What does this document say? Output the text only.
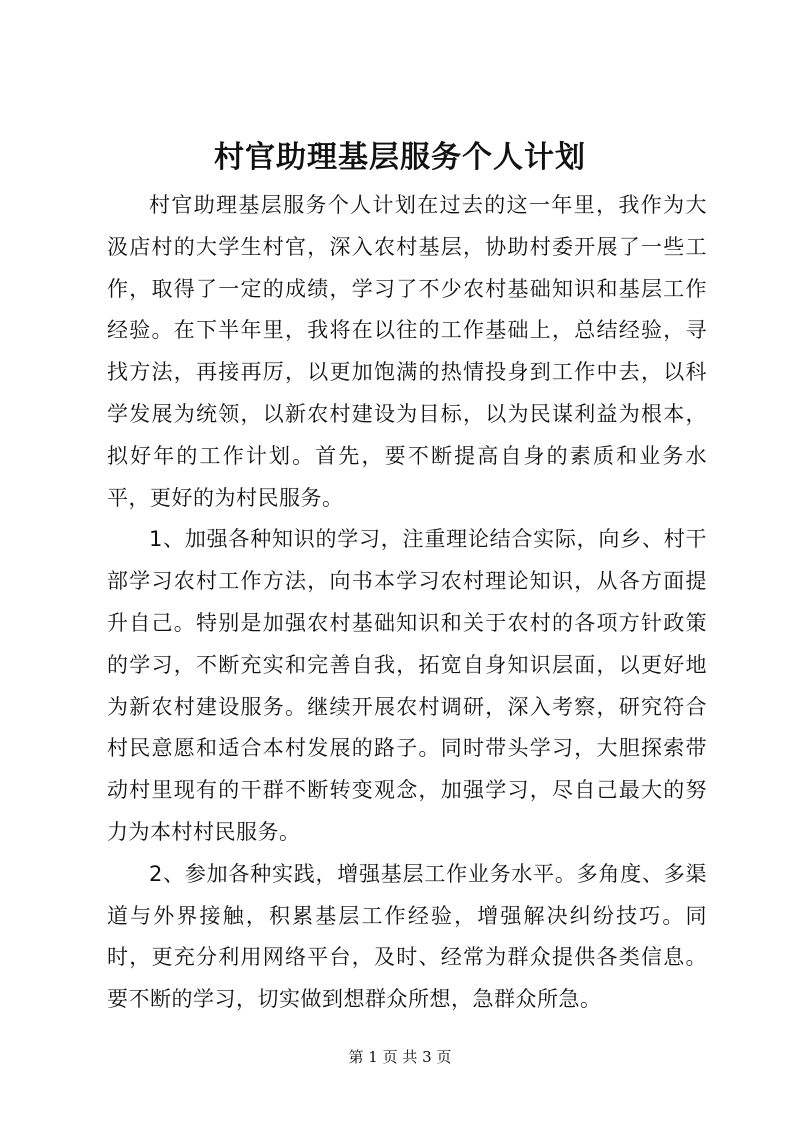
村官助理基层服务个人计划

村官助理基层服务个人计划在过去的这一年里，我作为大汲店村的大学生村官，深入农村基层，协助村委开展了一些工作，取得了一定的成绩，学习了不少农村基础知识和基层工作经验。在下半年里，我将在以往的工作基础上，总结经验，寻找方法，再接再厉，以更加饱满的热情投身到工作中去，以科学发展为统领，以新农村建设为目标，以为民谋利益为根本，拟好年的工作计划。首先，要不断提高自身的素质和业务水平，更好的为村民服务。

1、加强各种知识的学习，注重理论结合实际，向乡、村干部学习农村工作方法，向书本学习农村理论知识，从各方面提升自己。特别是加强农村基础知识和关于农村的各项方针政策的学习，不断充实和完善自我，拓宽自身知识层面，以更好地为新农村建设服务。继续开展农村调研，深入考察，研究符合村民意愿和适合本村发展的路子。同时带头学习，大胆探索带动村里现有的干群不断转变观念，加强学习，尽自己最大的努力为本村村民服务。

2、参加各种实践，增强基层工作业务水平。多角度、多渠道与外界接触，积累基层工作经验，增强解决纠纷技巧。同时，更充分利用网络平台，及时、经常为群众提供各类信息。要不断的学习，切实做到想群众所想，急群众所急。

第 1 页 共 3 页
